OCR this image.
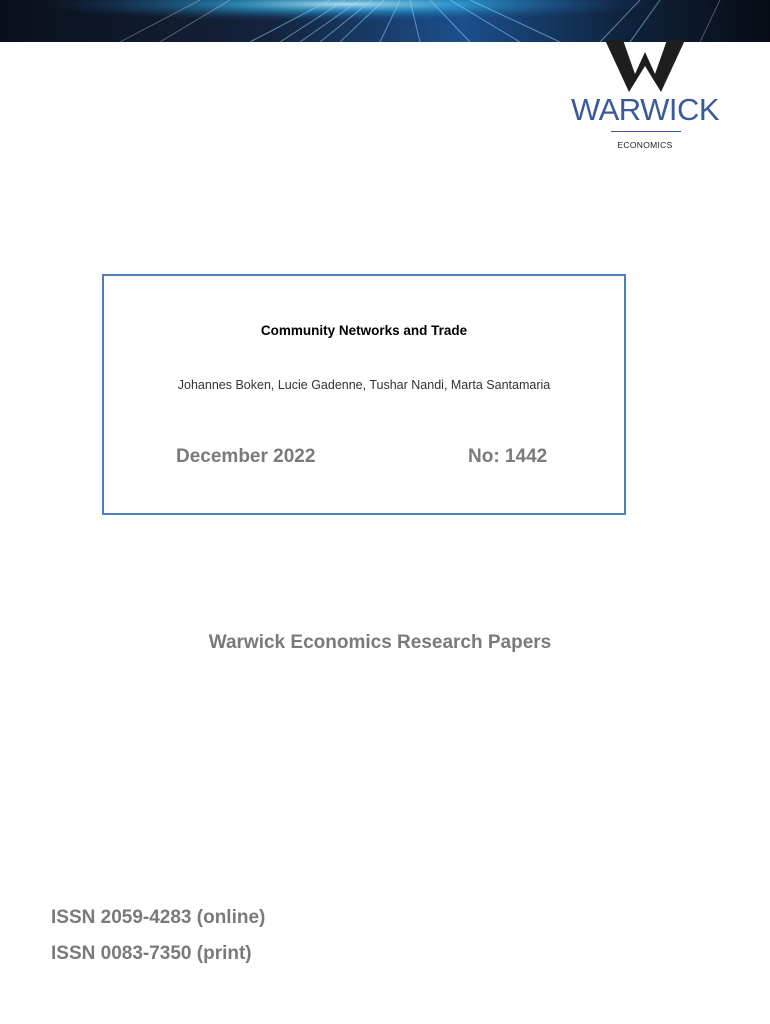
WARWICK
ECONOMICS
Community Networks and Trade
Johannes Boken, Lucie Gadenne, Tushar Nandi, Marta Santamaria
December 2022	No: 1442
Warwick Economics Research Papers
ISSN 2059-4283 (online)
ISSN 0083-7350 (print)
